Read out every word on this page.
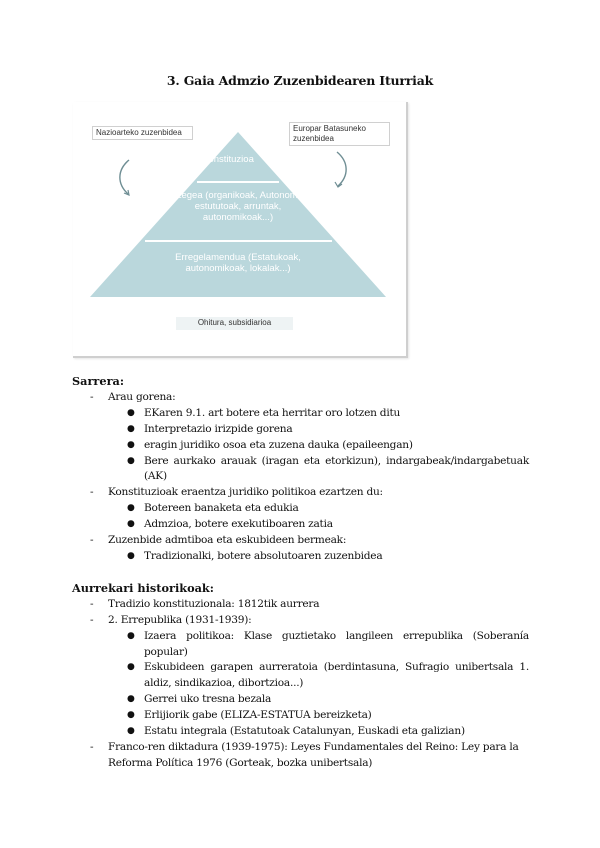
3. Gaia Admzio Zuzenbidearen Iturriak
Nazioarteko zuzenbidea	Europar Batasuneko zuzenbidea
Konstituzioa
Legea (organikoak, Autonomi estututoak, arruntak, autonomikoak...)
Erregelamendua (Estatukoak, autonomikoak, lokalak...)
Ohitura, subsidiarioa
Sarrera:
- Arau gorena:
● EKaren 9.1. art botere eta herritar oro lotzen ditu
● Interpretazio irizpide gorena
● eragin juridiko osoa eta zuzena dauka (epaileengan)
● Bere aurkako arauak (iragan eta etorkizun), indargabeak/indargabetuak (AK)
- Konstituzioak eraentza juridiko politikoa ezartzen du:
● Botereen banaketa eta edukia
● Admzioa, botere exekutiboaren zatia
- Zuzenbide admtiboa eta eskubideen bermeak:
● Tradizionalki, botere absolutoaren zuzenbidea
Aurrekari historikoak:
- Tradizio konstituzionala: 1812tik aurrera
- 2. Errepublika (1931-1939):
● Izaera politikoa: Klase guztietako langileen errepublika (Soberanía popular)
● Eskubideen garapen aurreratoia (berdintasuna, Sufragio unibertsala 1. aldiz, sindikazioa, dibortzioa...)
● Gerrei uko tresna bezala
● Erlijiorik gabe (ELIZA-ESTATUA bereizketa)
● Estatu integrala (Estatutoak Catalunyan, Euskadi eta galizian)
- Franco-ren diktadura (1939-1975): Leyes Fundamentales del Reino: Ley para la Reforma Política 1976 (Gorteak, bozka unibertsala)
